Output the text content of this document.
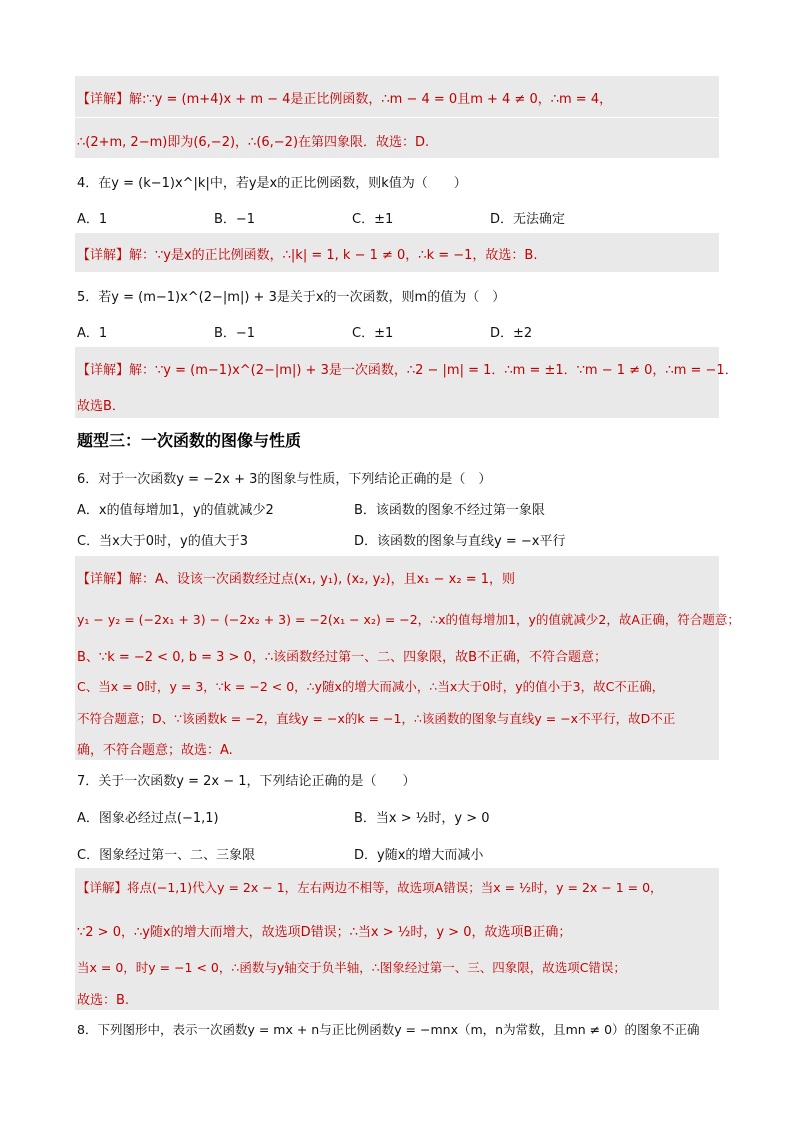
【详解】解:∵y = (m+4)x + m − 4是正比例函数，∴m − 4 = 0且m + 4 ≠ 0，∴m = 4，
∴(2+m, 2−m)即为(6,−2)，∴(6,−2)在第四象限．故选：D.
4．在y = (k−1)x^|k|中，若y是x的正比例函数，则k值为（　　）
A．1	B．−1	C．±1	D．无法确定
【详解】解：∵y是x的正比例函数，∴|k| = 1, k − 1 ≠ 0，∴k = −1，故选：B.
5．若y = (m−1)x^(2−|m|) + 3是关于x的一次函数，则m的值为（　）
A．1	B．−1	C．±1	D．±2
【详解】解：∵y = (m−1)x^(2−|m|) + 3是一次函数，∴2 − |m| = 1．∴m = ±1．∵m − 1 ≠ 0，∴m = −1．
故选B．
题型三：一次函数的图像与性质
6．对于一次函数y = −2x + 3的图象与性质，下列结论正确的是（　）
A．x的值每增加1，y的值就减少2	B．该函数的图象不经过第一象限
C．当x大于0时，y的值大于3	D．该函数的图象与直线y = −x平行
【详解】解：A、设该一次函数经过点(x₁, y₁), (x₂, y₂)，且x₁ − x₂ = 1，则
y₁ − y₂ = (−2x₁ + 3) − (−2x₂ + 3) = −2(x₁ − x₂) = −2，∴x的值每增加1，y的值就减少2，故A正确，符合题意；
B、∵k = −2 < 0, b = 3 > 0，∴该函数经过第一、二、四象限，故B不正确，不符合题意；
C、当x = 0时，y = 3，∵k = −2 < 0，∴y随x的增大而减小，∴当x大于0时，y的值小于3，故C不正确，
不符合题意；D、∵该函数k = −2，直线y = −x的k = −1，∴该函数的图象与直线y = −x不平行，故D不正
确，不符合题意；故选：A.
7．关于一次函数y = 2x − 1，下列结论正确的是（　　）
A．图象必经过点(−1,1)	B．当x > ½时，y > 0
C．图象经过第一、二、三象限	D．y随x的增大而减小
【详解】将点(−1,1)代入y = 2x − 1，左右两边不相等，故选项A错误；当x = ½时，y = 2x − 1 = 0，
∵2 > 0，∴y随x的增大而增大，故选项D错误；∴当x > ½时，y > 0，故选项B正确；
当x = 0，时y = −1 < 0，∴函数与y轴交于负半轴，∴图象经过第一、三、四象限，故选项C错误；
故选：B.
8．下列图形中，表示一次函数y = mx + n与正比例函数y = −mnx（m，n为常数，且mn ≠ 0）的图象不正确
